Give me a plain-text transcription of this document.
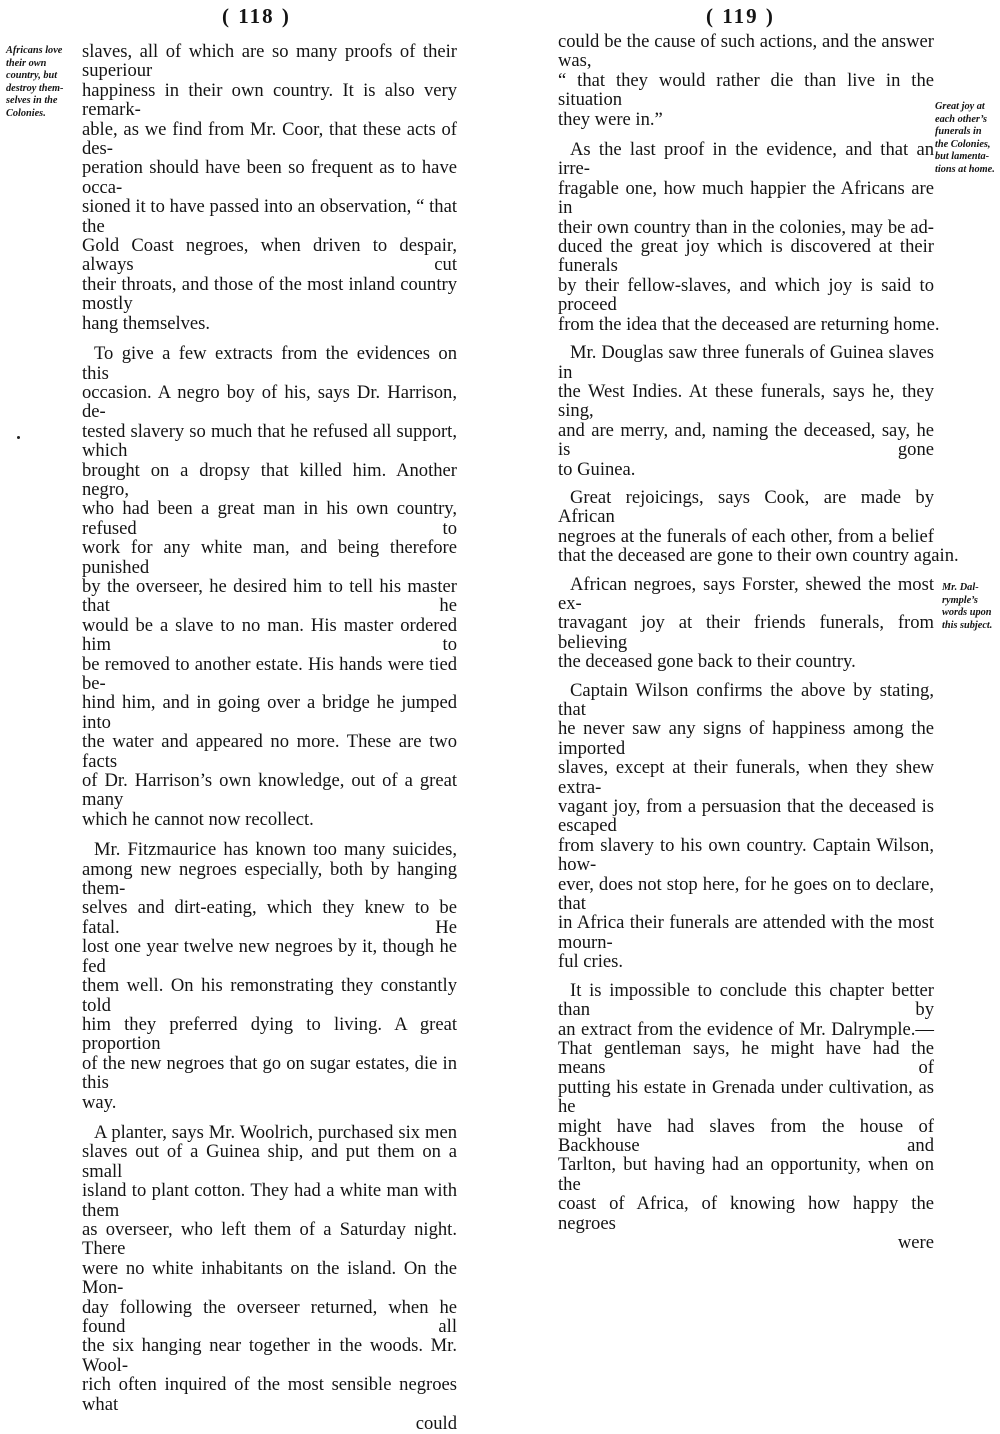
( 118 )

Africans love
their own
country, but
destroy them-
selves in the
Colonies.

slaves, all of which are so many proofs of their superiour
happiness in their own country. It is also very remark-
able, as we find from Mr. Coor, that these acts of des-
peration should have been so frequent as to have occa-
sioned it to have passed into an observation, “ that the
Gold Coast negroes, when driven to despair, always cut
their throats, and those of the most inland country mostly
hang themselves.

To give a few extracts from the evidences on this
occasion. A negro boy of his, says Dr. Harrison, de-
tested slavery so much that he refused all support, which
brought on a dropsy that killed him. Another negro,
who had been a great man in his own country, refused to
work for any white man, and being therefore punished
by the overseer, he desired him to tell his master that he
would be a slave to no man. His master ordered him to
be removed to another estate. His hands were tied be-
hind him, and in going over a bridge he jumped into
the water and appeared no more. These are two facts
of Dr. Harrison’s own knowledge, out of a great many
which he cannot now recollect.

Mr. Fitzmaurice has known too many suicides,
among new negroes especially, both by hanging them-
selves and dirt-eating, which they knew to be fatal. He
lost one year twelve new negroes by it, though he fed
them well. On his remonstrating they constantly told
him they preferred dying to living. A great proportion
of the new negroes that go on sugar estates, die in this
way.

A planter, says Mr. Woolrich, purchased six men
slaves out of a Guinea ship, and put them on a small
island to plant cotton. They had a white man with them
as overseer, who left them of a Saturday night. There
were no white inhabitants on the island. On the Mon-
day following the overseer returned, when he found all
the six hanging near together in the woods. Mr. Wool-
rich often inquired of the most sensible negroes what
could

( 119 )

Great joy at
each other’s
funerals in
the Colonies,
but lamenta-
tions at home.

Mr. Dal-
rymple’s
words upon
this subject.

could be the cause of such actions, and the answer was,
“ that they would rather die than live in the situation
they were in.”

As the last proof in the evidence, and that an irre-
fragable one, how much happier the Africans are in
their own country than in the colonies, may be ad-
duced the great joy which is discovered at their funerals
by their fellow-slaves, and which joy is said to proceed
from the idea that the deceased are returning home.

Mr. Douglas saw three funerals of Guinea slaves in
the West Indies. At these funerals, says he, they sing,
and are merry, and, naming the deceased, say, he is gone
to Guinea.

Great rejoicings, says Cook, are made by African
negroes at the funerals of each other, from a belief
that the deceased are gone to their own country again.

African negroes, says Forster, shewed the most ex-
travagant joy at their friends funerals, from believing
the deceased gone back to their country.

Captain Wilson confirms the above by stating, that
he never saw any signs of happiness among the imported
slaves, except at their funerals, when they shew extra-
vagant joy, from a persuasion that the deceased is escaped
from slavery to his own country. Captain Wilson, how-
ever, does not stop here, for he goes on to declare, that
in Africa their funerals are attended with the most mourn-
ful cries.

It is impossible to conclude this chapter better than by
an extract from the evidence of Mr. Dalrymple.—
That gentleman says, he might have had the means of
putting his estate in Grenada under cultivation, as he
might have had slaves from the house of Backhouse and
Tarlton, but having had an opportunity, when on the
coast of Africa, of knowing how happy the negroes
were
